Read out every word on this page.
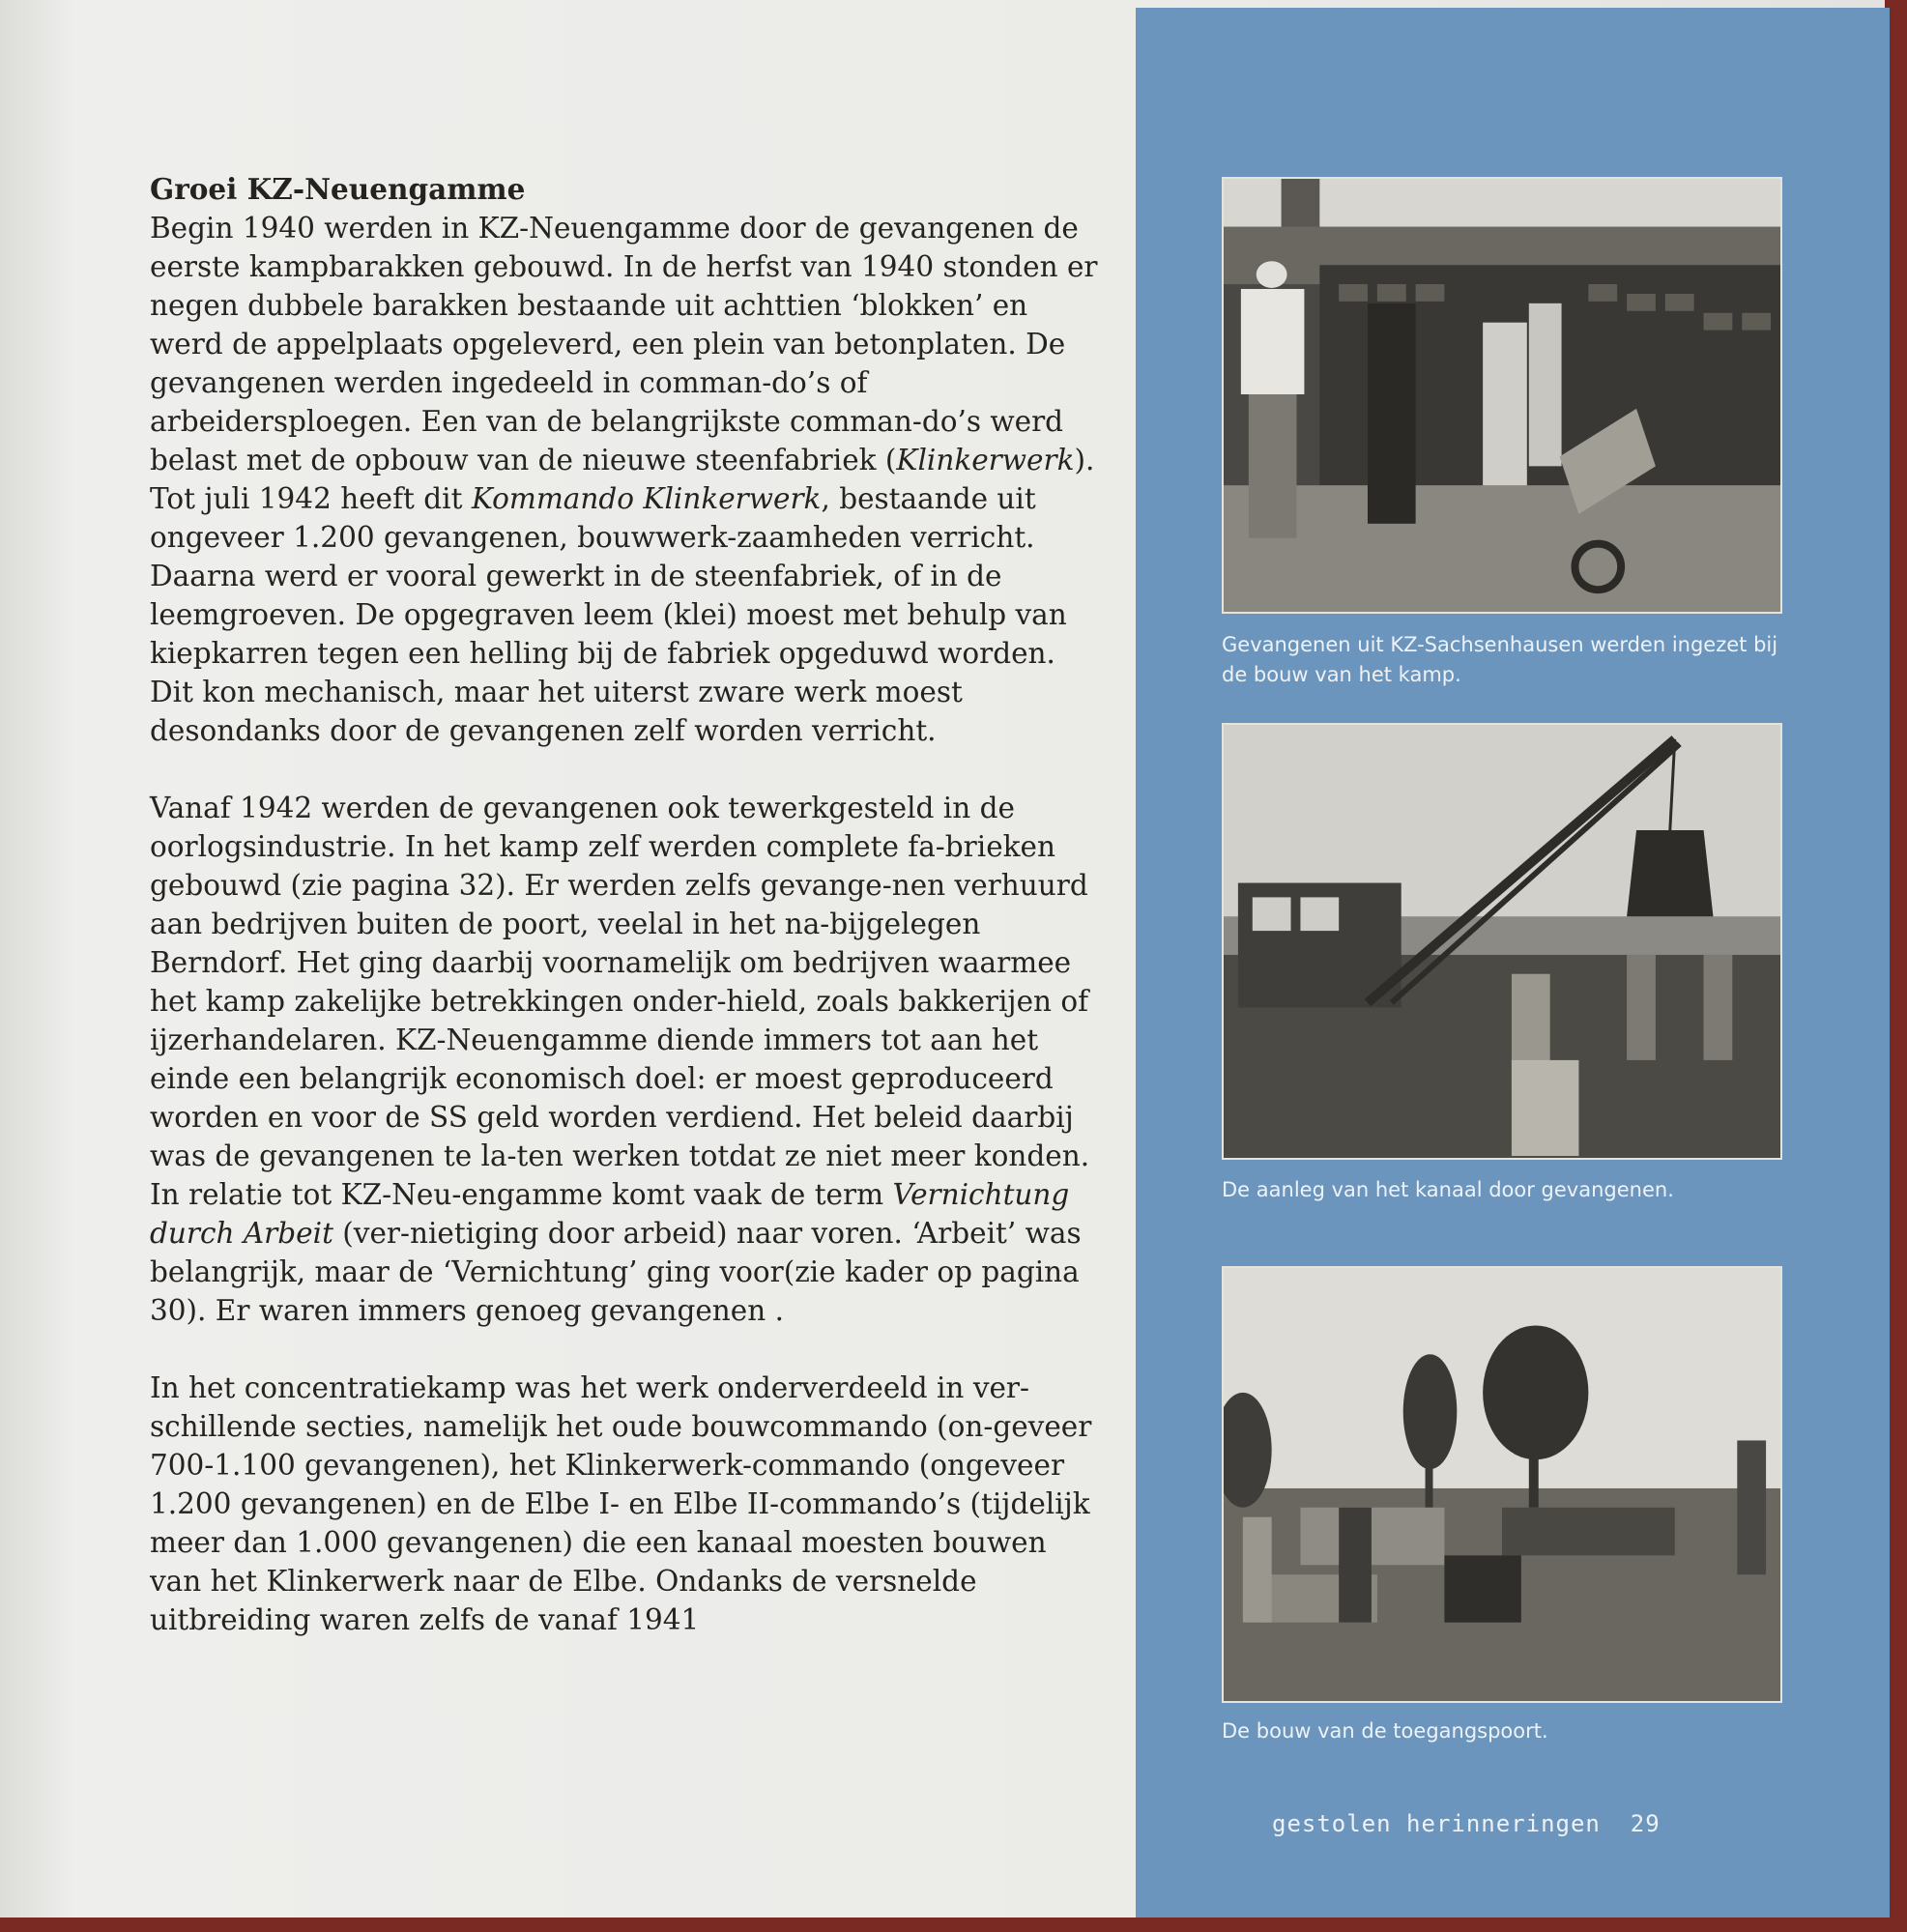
Groei KZ-Neuengamme
Begin 1940 werden in KZ-Neuengamme door de gevangenen de eerste kampbarakken gebouwd. In de herfst van 1940 stonden er negen dubbele barakken bestaande uit achttien ‘blokken’ en werd de appelplaats opgeleverd, een plein van betonplaten. De gevangenen werden ingedeeld in comman-do’s of arbeidersploegen. Een van de belangrijkste comman-do’s werd belast met de opbouw van de nieuwe steenfabriek (Klinkerwerk). Tot juli 1942 heeft dit Kommando Klinkerwerk, bestaande uit ongeveer 1.200 gevangenen, bouwwerk-zaamheden verricht. Daarna werd er vooral gewerkt in de steenfabriek, of in de leemgroeven. De opgegraven leem (klei) moest met behulp van kiepkarren tegen een helling bij de fabriek opgeduwd worden. Dit kon mechanisch, maar het uiterst zware werk moest desondanks door de gevangenen zelf worden verricht.

Vanaf 1942 werden de gevangenen ook tewerkgesteld in de oorlogsindustrie. In het kamp zelf werden complete fa-brieken gebouwd (zie pagina 32). Er werden zelfs gevange-nen verhuurd aan bedrijven buiten de poort, veelal in het na-bijgelegen Berndorf. Het ging daarbij voornamelijk om bedrijven waarmee het kamp zakelijke betrekkingen onder-hield, zoals bakkerijen of ijzerhandelaren. KZ-Neuengamme diende immers tot aan het einde een belangrijk economisch doel: er moest geproduceerd worden en voor de SS geld worden verdiend. Het beleid daarbij was de gevangenen te la-ten werken totdat ze niet meer konden. In relatie tot KZ-Neu-engamme komt vaak de term Vernichtung durch Arbeit (ver-nietiging door arbeid) naar voren. ‘Arbeit’ was belangrijk, maar de ‘Vernichtung’ ging voor(zie kader op pagina 30). Er waren immers genoeg gevangenen .

In het concentratiekamp was het werk onderverdeeld in ver-schillende secties, namelijk het oude bouwcommando (on-geveer 700-1.100 gevangenen), het Klinkerwerk-commando (ongeveer 1.200 gevangenen) en de Elbe I- en Elbe II-commando’s (tijdelijk meer dan 1.000 gevangenen) die een kanaal moesten bouwen van het Klinkerwerk naar de Elbe. Ondanks de versnelde uitbreiding waren zelfs de vanaf 1941

Gevangenen uit KZ-Sachsenhausen werden ingezet bij de bouw van het kamp.
De aanleg van het kanaal door gevangenen.
De bouw van de toegangspoort.
gestolen herinneringen 29
